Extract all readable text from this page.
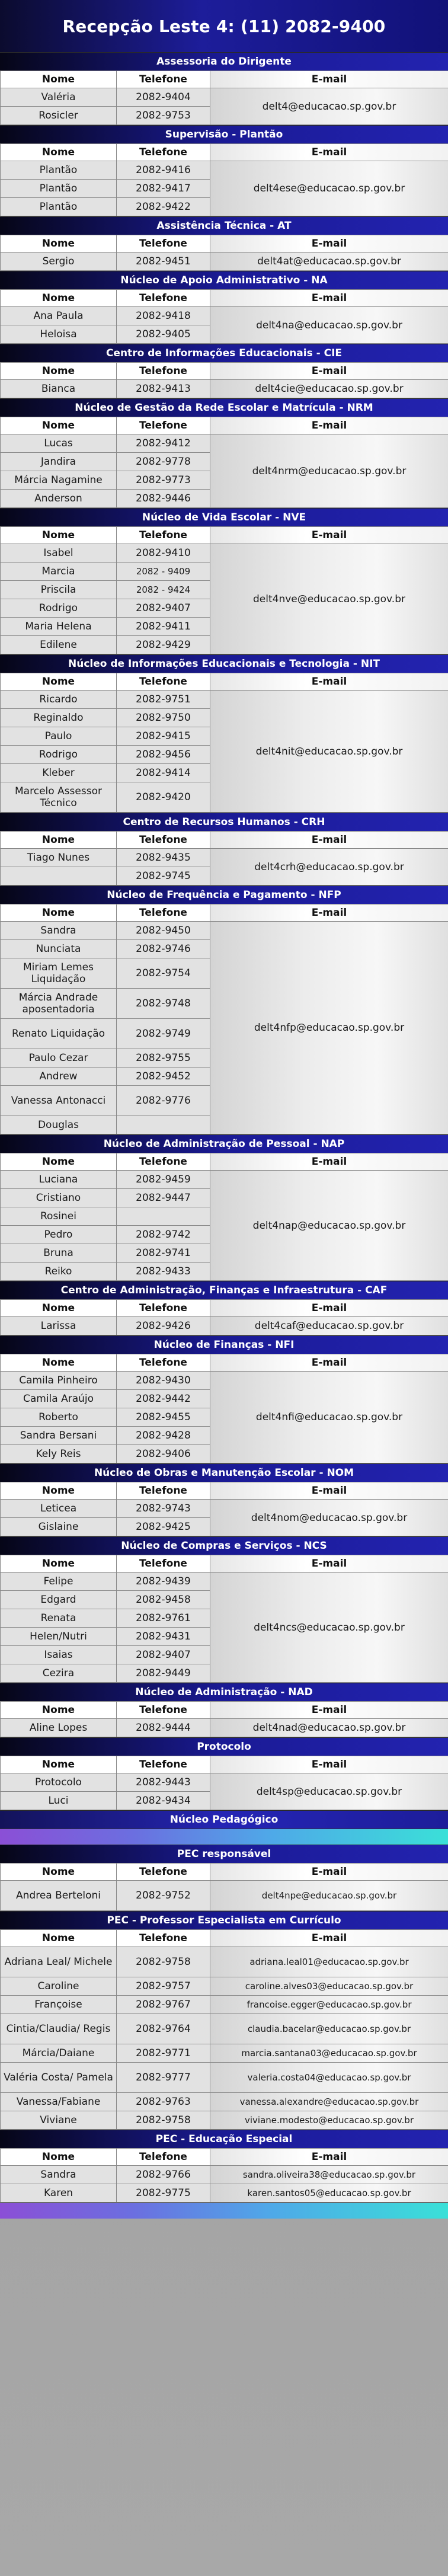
Recepção Leste 4: (11) 2082-9400
Assessoria do Dirigente
Nome	Telefone	E-mail
Valéria	2082-9404	delt4@educacao.sp.gov.br
Rosicler	2082-9753	
Supervisão - Plantão
Nome	Telefone	E-mail
Plantão	2082-9416	delt4ese@educacao.sp.gov.br
Plantão	2082-9417	
Plantão	2082-9422	
Assistência Técnica - AT
Nome	Telefone	E-mail
Sergio	2082-9451	delt4at@educacao.sp.gov.br
Núcleo de Apoio Administrativo - NA
Nome	Telefone	E-mail
Ana Paula	2082-9418	delt4na@educacao.sp.gov.br
Heloisa	2082-9405	
Centro de Informações Educacionais - CIE
Nome	Telefone	E-mail
Bianca	2082-9413	delt4cie@educacao.sp.gov.br
Núcleo de Gestão da Rede Escolar e Matrícula - NRM
Nome	Telefone	E-mail
Lucas	2082-9412	delt4nrm@educacao.sp.gov.br
Jandira	2082-9778	
Márcia Nagamine	2082-9773	
Anderson	2082-9446	
Núcleo de Vida Escolar - NVE
Nome	Telefone	E-mail
Isabel	2082-9410	delt4nve@educacao.sp.gov.br
Marcia	2082 - 9409	
Priscila	2082 - 9424	
Rodrigo	2082-9407	
Maria Helena	2082-9411	
Edilene	2082-9429	
Núcleo de Informações Educacionais e Tecnologia - NIT
Nome	Telefone	E-mail
Ricardo	2082-9751	delt4nit@educacao.sp.gov.br
Reginaldo	2082-9750	
Paulo	2082-9415	
Rodrigo	2082-9456	
Kleber	2082-9414	
Marcelo Assessor Técnico	2082-9420	
Centro de Recursos Humanos - CRH
Nome	Telefone	E-mail
Tiago Nunes	2082-9435	delt4crh@educacao.sp.gov.br
	2082-9745	
Núcleo de Frequência e Pagamento - NFP
Nome	Telefone	E-mail
Sandra	2082-9450	delt4nfp@educacao.sp.gov.br
Nunciata	2082-9746	
Miriam Lemes Liquidação	2082-9754	
Márcia Andrade aposentadoria	2082-9748	
Renato Liquidação	2082-9749	
Paulo Cezar	2082-9755	
Andrew	2082-9452	
Vanessa Antonacci	2082-9776	
Douglas		
Núcleo de Administração de Pessoal - NAP
Nome	Telefone	E-mail
Luciana	2082-9459	delt4nap@educacao.sp.gov.br
Cristiano	2082-9447	
Rosinei		
Pedro	2082-9742	
Bruna	2082-9741	
Reiko	2082-9433	
Centro de Administração, Finanças e Infraestrutura - CAF
Nome	Telefone	E-mail
Larissa	2082-9426	delt4caf@educacao.sp.gov.br
Núcleo de Finanças - NFI
Nome	Telefone	E-mail
Camila Pinheiro	2082-9430	delt4nfi@educacao.sp.gov.br
Camila Araújo	2082-9442	
Roberto	2082-9455	
Sandra Bersani	2082-9428	
Kely Reis	2082-9406	
Núcleo de Obras e Manutenção Escolar - NOM
Nome	Telefone	E-mail
Leticea	2082-9743	delt4nom@educacao.sp.gov.br
Gislaine	2082-9425	
Núcleo de Compras e Serviços - NCS
Nome	Telefone	E-mail
Felipe	2082-9439	delt4ncs@educacao.sp.gov.br
Edgard	2082-9458	
Renata	2082-9761	
Helen/Nutri	2082-9431	
Isaias	2082-9407	
Cezira	2082-9449	
Núcleo de Administração - NAD
Nome	Telefone	E-mail
Aline Lopes	2082-9444	delt4nad@educacao.sp.gov.br
Protocolo
Nome	Telefone	E-mail
Protocolo	2082-9443	delt4sp@educacao.sp.gov.br
Luci	2082-9434	
Núcleo Pedagógico
PEC responsável
Nome	Telefone	E-mail
Andrea Berteloni	2082-9752	delt4npe@educacao.sp.gov.br
PEC - Professor Especialista em Currículo
Nome	Telefone	E-mail
Adriana Leal/ Michele	2082-9758	adriana.leal01@educacao.sp.gov.br
Caroline	2082-9757	caroline.alves03@educacao.sp.gov.br
Françoise	2082-9767	francoise.egger@educacao.sp.gov.br
Cintia/Claudia/ Regis	2082-9764	claudia.bacelar@educacao.sp.gov.br
Márcia/Daiane	2082-9771	marcia.santana03@educacao.sp.gov.br
Valéria Costa/ Pamela	2082-9777	valeria.costa04@educacao.sp.gov.br
Vanessa/Fabiane	2082-9763	vanessa.alexandre@educacao.sp.gov.br
Viviane	2082-9758	viviane.modesto@educacao.sp.gov.br
PEC - Educação Especial
Nome	Telefone	E-mail
Sandra	2082-9766	sandra.oliveira38@educacao.sp.gov.br
Karen	2082-9775	karen.santos05@educacao.sp.gov.br
